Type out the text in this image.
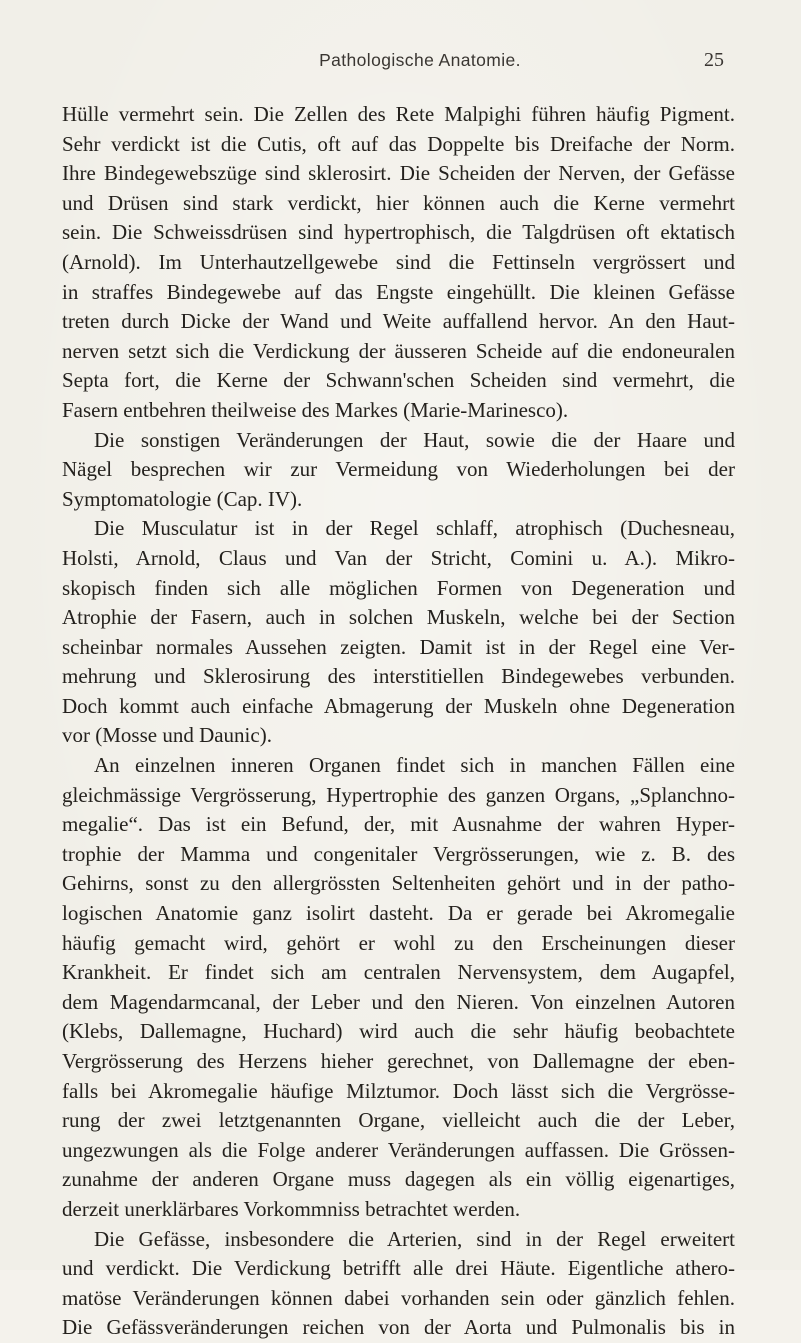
Pathologische Anatomie.	25
Hülle vermehrt sein. Die Zellen des Rete Malpighi führen häufig Pigment.
Sehr verdickt ist die Cutis, oft auf das Doppelte bis Dreifache der Norm.
Ihre Bindegewebszüge sind sklerosirt. Die Scheiden der Nerven, der Gefässe
und Drüsen sind stark verdickt, hier können auch die Kerne vermehrt
sein. Die Schweissdrüsen sind hypertrophisch, die Talgdrüsen oft ektatisch
(Arnold). Im Unterhautzellgewebe sind die Fettinseln vergrössert und
in straffes Bindegewebe auf das Engste eingehüllt. Die kleinen Gefässe
treten durch Dicke der Wand und Weite auffallend hervor. An den Haut-
nerven setzt sich die Verdickung der äusseren Scheide auf die endoneuralen
Septa fort, die Kerne der Schwann'schen Scheiden sind vermehrt, die
Fasern entbehren theilweise des Markes (Marie-Marinesco).
Die sonstigen Veränderungen der Haut, sowie die der Haare und
Nägel besprechen wir zur Vermeidung von Wiederholungen bei der
Symptomatologie (Cap. IV).
Die Musculatur ist in der Regel schlaff, atrophisch (Duchesneau,
Holsti, Arnold, Claus und Van der Stricht, Comini u. A.). Mikro-
skopisch finden sich alle möglichen Formen von Degeneration und
Atrophie der Fasern, auch in solchen Muskeln, welche bei der Section
scheinbar normales Aussehen zeigten. Damit ist in der Regel eine Ver-
mehrung und Sklerosirung des interstitiellen Bindegewebes verbunden.
Doch kommt auch einfache Abmagerung der Muskeln ohne Degeneration
vor (Mosse und Daunic).
An einzelnen inneren Organen findet sich in manchen Fällen eine
gleichmässige Vergrösserung, Hypertrophie des ganzen Organs, „Splanchno-
megalie“. Das ist ein Befund, der, mit Ausnahme der wahren Hyper-
trophie der Mamma und congenitaler Vergrösserungen, wie z. B. des
Gehirns, sonst zu den allergrössten Seltenheiten gehört und in der patho-
logischen Anatomie ganz isolirt dasteht. Da er gerade bei Akromegalie
häufig gemacht wird, gehört er wohl zu den Erscheinungen dieser
Krankheit. Er findet sich am centralen Nervensystem, dem Augapfel,
dem Magendarmcanal, der Leber und den Nieren. Von einzelnen Autoren
(Klebs, Dallemagne, Huchard) wird auch die sehr häufig beobachtete
Vergrösserung des Herzens hieher gerechnet, von Dallemagne der eben-
falls bei Akromegalie häufige Milztumor. Doch lässt sich die Vergrösse-
rung der zwei letztgenannten Organe, vielleicht auch die der Leber,
ungezwungen als die Folge anderer Veränderungen auffassen. Die Grössen-
zunahme der anderen Organe muss dagegen als ein völlig eigenartiges,
derzeit unerklärbares Vorkommniss betrachtet werden.
Die Gefässe, insbesondere die Arterien, sind in der Regel erweitert
und verdickt. Die Verdickung betrifft alle drei Häute. Eigentliche athero-
matöse Veränderungen können dabei vorhanden sein oder gänzlich fehlen.
Die Gefässveränderungen reichen von der Aorta und Pulmonalis bis in
